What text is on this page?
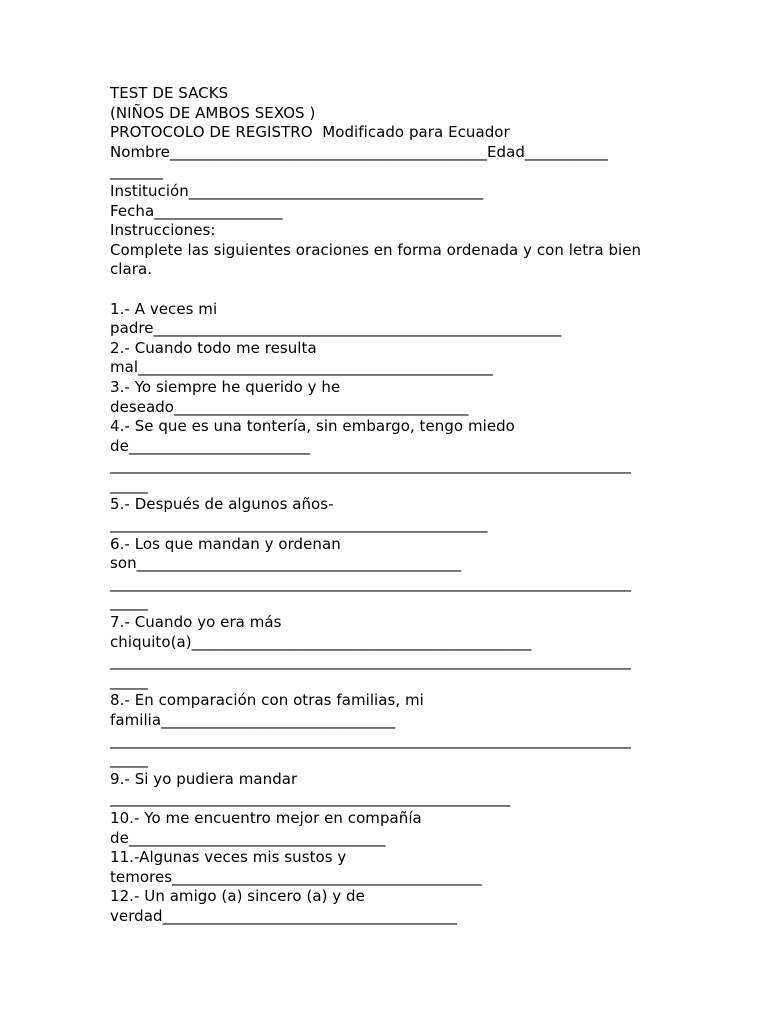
TEST DE SACKS
(NIÑOS DE AMBOS SEXOS )
PROTOCOLO DE REGISTRO  Modificado para Ecuador
Nombre__________________________________________Edad___________
_______
Institución_______________________________________
Fecha_________________
Instrucciones:
Complete las siguientes oraciones en forma ordenada y con letra bien
clara.
1.- A veces mi
padre______________________________________________________
2.- Cuando todo me resulta
mal_______________________________________________
3.- Yo siempre he querido y he
deseado_______________________________________
4.- Se que es una tontería, sin embargo, tengo miedo
de________________________
_____________________________________________________________________
_____
5.- Después de algunos años-
__________________________________________________
6.- Los que mandan y ordenan
son___________________________________________
_____________________________________________________________________
_____
7.- Cuando yo era más
chiquito(a)_____________________________________________
_____________________________________________________________________
_____
8.- En comparación con otras familias, mi
familia_______________________________
_____________________________________________________________________
_____
9.- Si yo pudiera mandar
_____________________________________________________
10.- Yo me encuentro mejor en compañía
de__________________________________
11.-Algunas veces mis sustos y
temores_________________________________________
12.- Un amigo (a) sincero (a) y de
verdad_______________________________________
